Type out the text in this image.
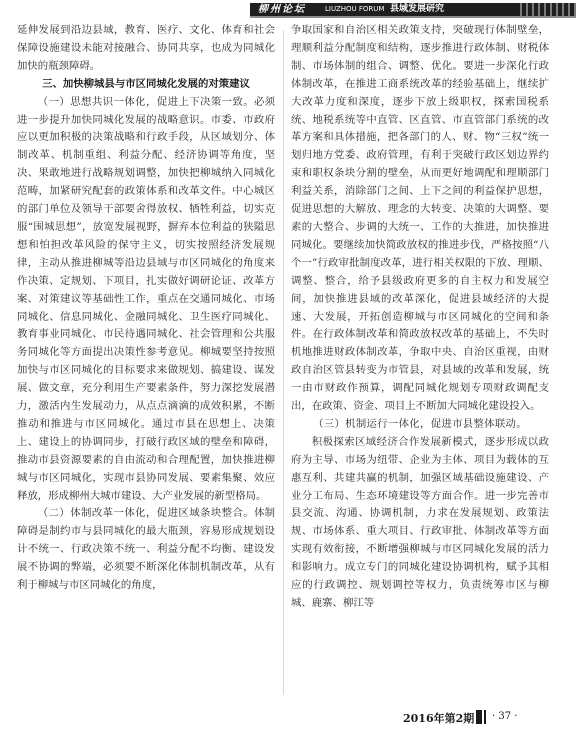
柳州论坛	LIUZHOU FORUM 县域发展研究

延伸发展到沿边县域，教育、医疗、文化、体育和社会保障设施建设未能对接融合、协同共享，也成为同城化加快的瓶颈障碍。

三、加快柳城县与市区同城化发展的对策建议

（一）思想共识一体化，促进上下决策一致。必须进一步提升加快同城化发展的战略意识。市委、市政府应以更加积极的决策战略和行政手段，从区域划分、体制改革、机制重组、利益分配、经济协调等角度，坚决、果敢地进行战略规划调整，加快把柳城纳入同城化范畴，加紧研究配套的政策体系和改革文件。中心城区的部门单位及领导干部要舍得放权、牺牲利益，切实克服“围城思想”，放宽发展视野，摒弃本位利益的狭隘思想和怕担改革风险的保守主义，切实按照经济发展规律，主动从推进柳城等沿边县域与市区同城化的角度来作决策、定规划、下项目，扎实做好调研论证、改革方案、对策建议等基础性工作，重点在交通同城化、市场同城化、信息同城化、金融同城化、卫生医疗同城化、教育事业同城化、市民待遇同城化、社会管理和公共服务同城化等方面提出决策性参考意见。柳城要坚持按照加快与市区同城化的目标要求来做规划、搞建设、谋发展、做文章，充分利用生产要素条件，努力深挖发展潜力，激活内生发展动力，从点点滴滴的成效积累，不断推动和推进与市区同城化。通过市县在思想上、决策上、建设上的协调同步，打破行政区域的壁垒和障碍，推动市县资源要素的自由流动和合理配置，加快推进柳城与市区同城化，实现市县协同发展、要素集聚、效应释放，形成柳州大城市建设、大产业发展的新型格局。

（二）体制改革一体化，促进区域条块整合。体制障碍是制约市与县同城化的最大瓶颈，容易形成规划设计不统一、行政决策不统一、利益分配不均衡、建设发展不协调的弊端，必须要不断深化体制机制改革，从有利于柳城与市区同城化的角度，

争取国家和自治区相关政策支持，突破现行体制壁垒，理顺利益分配制度和结构，逐步推进行政体制、财税体制、市场体制的组合、调整、优化。要进一步深化行政体制改革，在推进工商系统改革的经验基础上，继续扩大改革力度和深度，逐步下放上级职权，探索国税系统、地税系统等中直管、区直管、市直管部门系统的改革方案和具体措施，把各部门的人、财、物“三权”统一划归地方党委、政府管理，有利于突破行政区划边界约束和职权条块分割的壁垒，从而更好地调配和理顺部门利益关系，消除部门之间、上下之间的利益保护思想，促进思想的大解放、理念的大转变、决策的大调整、要素的大整合、步调的大统一、工作的大推进，加快推进同城化。要继续加快简政放权的推进步伐，严格按照“八个一”行政审批制度改革，进行相关权限的下放、理顺、调整、整合，给予县级政府更多的自主权力和发展空间，加快推进县域的改革深化，促进县域经济的大提速、大发展，开拓创造柳城与市区同城化的空间和条件。在行政体制改革和简政放权改革的基础上，不失时机地推进财政体制改革，争取中央、自治区重视，由财政自治区管县转变为市管县，对县域的改革和发展，统一由市财政作预算，调配同城化规划专项财政调配支出，在政策、资金、项目上不断加大同城化建设投入。

（三）机制运行一体化，促进市县整体联动。

积极探索区域经济合作发展新模式，逐步形成以政府为主导、市场为纽带、企业为主体、项目为载体的互惠互利、共建共赢的机制，加强区域基础设施建设、产业分工布局、生态环境建设等方面合作。进一步完善市县交流、沟通、协调机制，力求在发展规划、政策法规、市场体系、重大项目、行政审批、体制改革等方面实现有效衔接，不断增强柳城与市区同城化发展的活力和影响力。成立专门的同城化建设协调机构，赋予其相应的行政调控、规划调控等权力，负责统筹市区与柳城、鹿寨、柳江等

2016年第2期 · 37 ·
